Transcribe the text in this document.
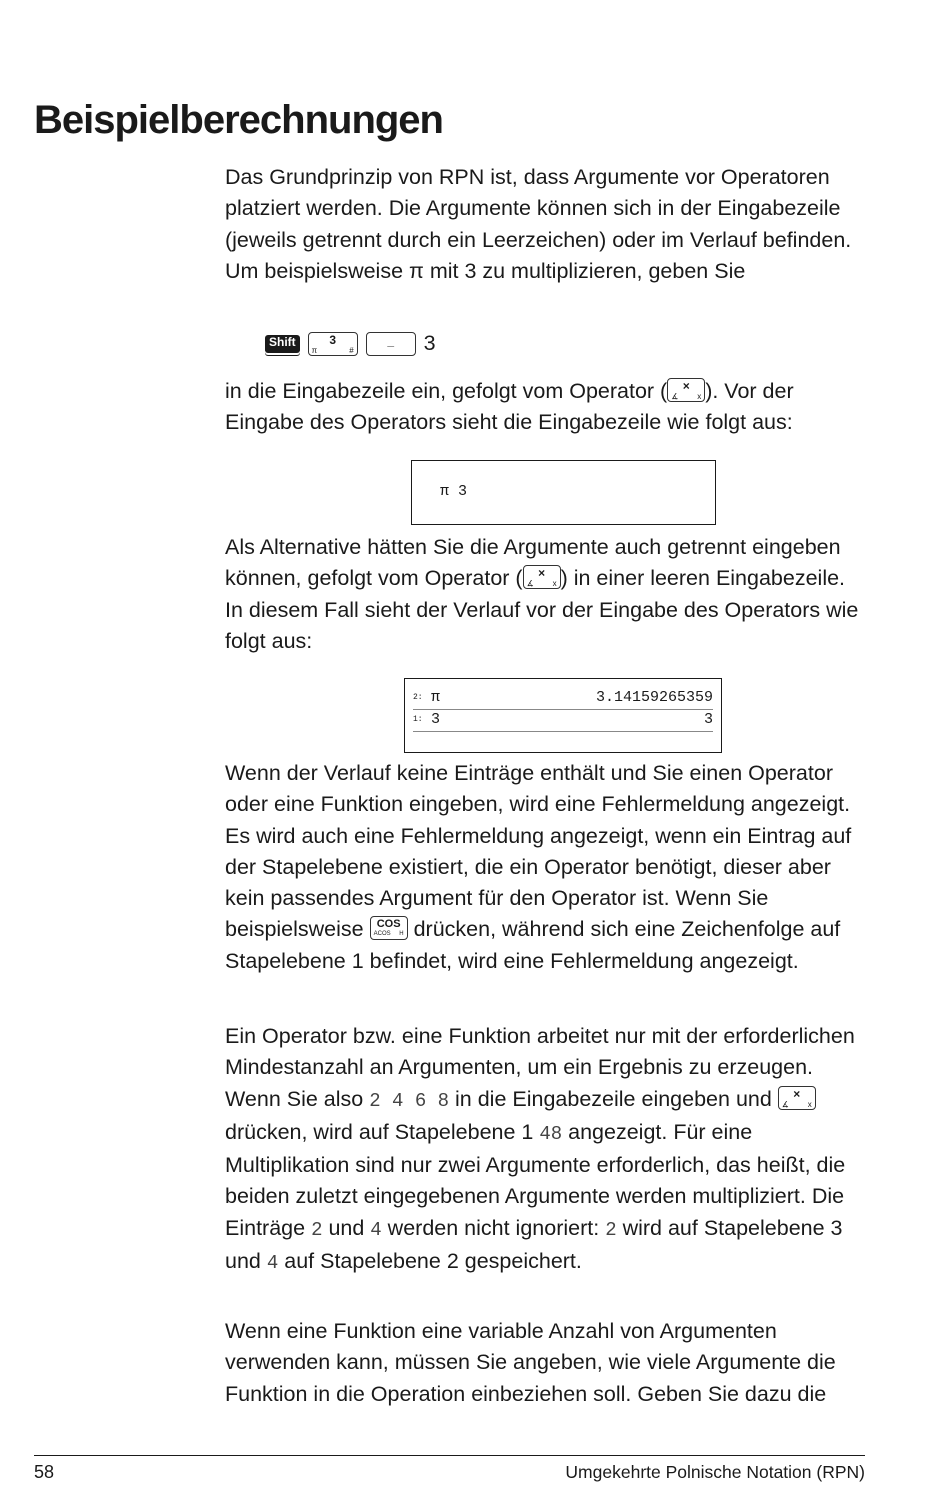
Beispielberechnungen

Das Grundprinzip von RPN ist, dass Argumente vor Operatoren platziert werden. Die Argumente können sich in der Eingabezeile (jeweils getrennt durch ein Leerzeichen) oder im Verlauf befinden. Um beispielsweise π mit 3 zu multiplizieren, geben Sie

Shift	3
π	#
_	3

in die Eingabezeile ein, gefolgt vom Operator (	×
∡ x ). Vor der Eingabe des Operators sieht die Eingabezeile wie folgt aus:

π 3

Als Alternative hätten Sie die Argumente auch getrennt eingeben können, gefolgt vom Operator (	×
∡ x ) in einer leeren Eingabezeile. In diesem Fall sieht der Verlauf vor der Eingabe des Operators wie folgt aus:

2: π	3.14159265359
1: 3	3

Wenn der Verlauf keine Einträge enthält und Sie einen Operator oder eine Funktion eingeben, wird eine Fehlermeldung angezeigt. Es wird auch eine Fehlermeldung angezeigt, wenn ein Eintrag auf der Stapelebene existiert, die ein Operator benötigt, dieser aber kein passendes Argument für den Operator ist. Wenn Sie beispielsweise COS
ACOS H drücken, während sich eine Zeichenfolge auf Stapelebene 1 befindet, wird eine Fehlermeldung angezeigt.

Ein Operator bzw. eine Funktion arbeitet nur mit der erforderlichen Mindestanzahl an Argumenten, um ein Ergebnis zu erzeugen. Wenn Sie also 2 4 6 8 in die Eingabezeile eingeben und	×
∡ x
drücken, wird auf Stapelebene 1 48 angezeigt. Für eine Multiplikation sind nur zwei Argumente erforderlich, das heißt, die beiden zuletzt eingegebenen Argumente werden multipliziert. Die Einträge 2 und 4 werden nicht ignoriert: 2 wird auf Stapelebene 3 und 4 auf Stapelebene 2 gespeichert.

Wenn eine Funktion eine variable Anzahl von Argumenten verwenden kann, müssen Sie angeben, wie viele Argumente die Funktion in die Operation einbeziehen soll. Geben Sie dazu die

58	Umgekehrte Polnische Notation (RPN)
